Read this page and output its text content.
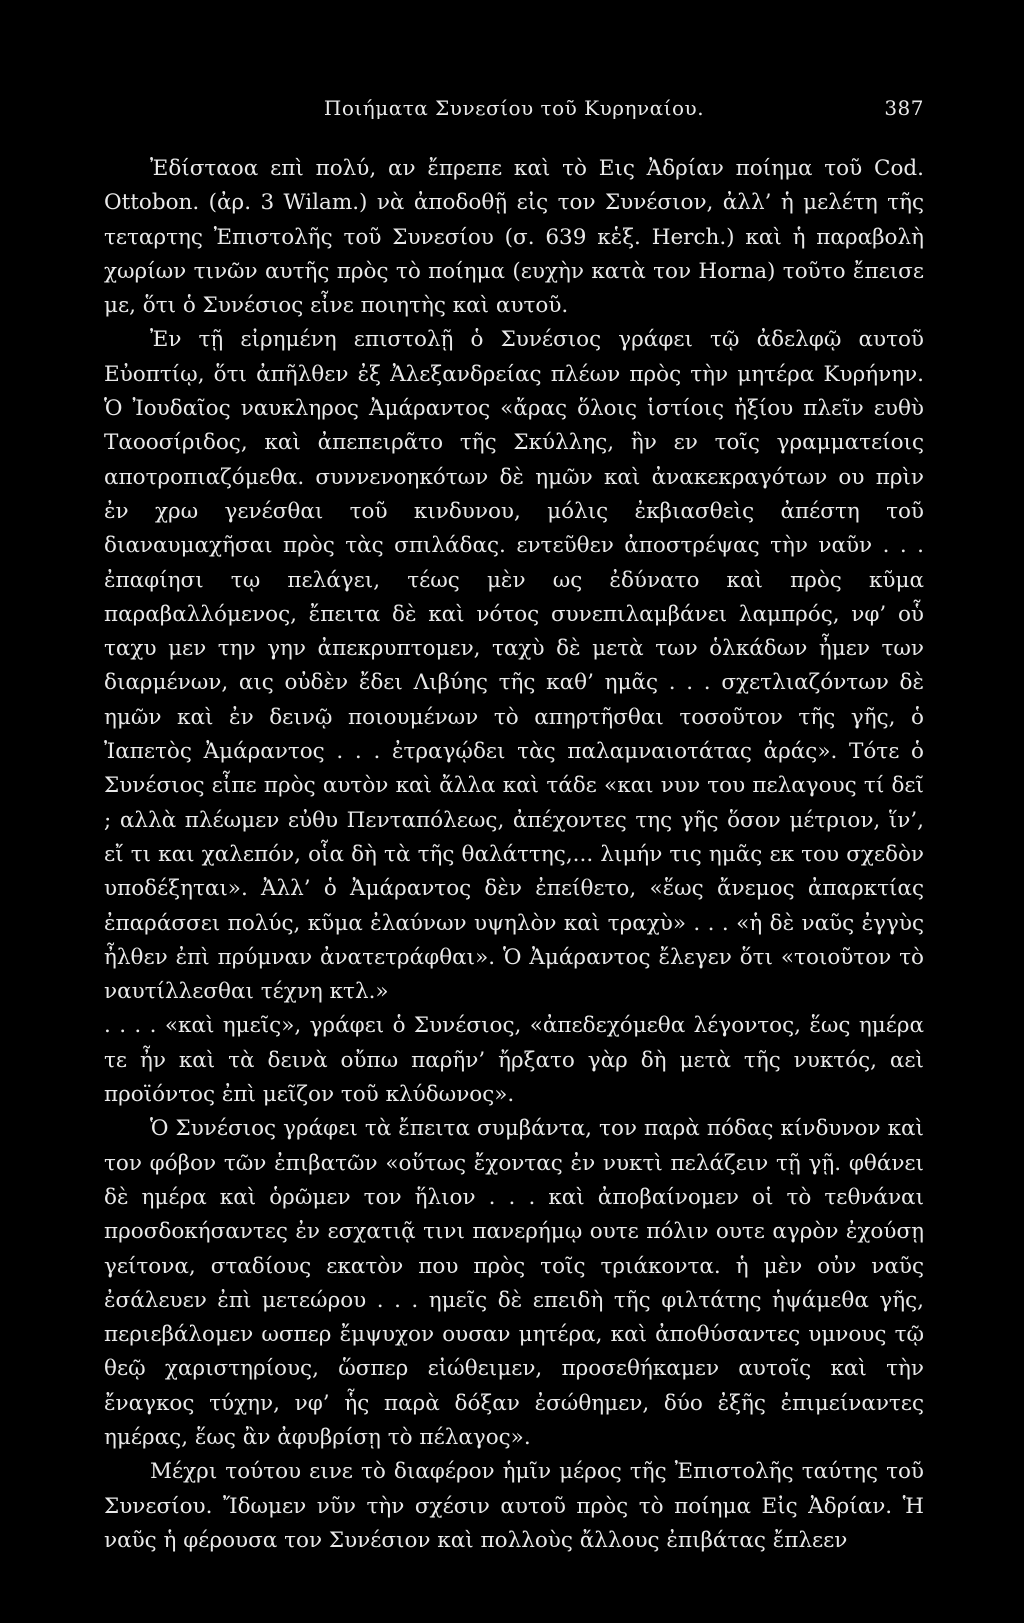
Ποιήματα Συνεσίου τοῦ Κυρηναίου.	387

Ἐδίσταοα επὶ πολύ, αν ἔπρεπε καὶ τὸ Εις Ἀδρίαν ποίημα τοῦ Cod. Ottobon. (ἀρ. 3 Wilam.) νὰ ἀποδοθῇ εἰς τον Συνέσιον, ἀλλ’ ἡ μελέτη τῆς τεταρτης Ἐπιστολῆς τοῦ Συνεσίου (σ. 639 κἑξ. Herch.) καὶ ἡ παραβολὴ χωρίων τινῶν αυτῆς πρὸς τὸ ποίημα (ευχὴν κατὰ τον Horna) τοῦτο ἔπεισε με, ὅτι ὁ Συνέσιος εἶνε ποιητὴς καὶ αυτοῦ.

Ἐν τῇ εἰρημένη επιστολῇ ὁ Συνέσιος γράφει τῷ ἀδελφῷ αυτοῦ Εὐοπτίῳ, ὅτι ἀπῆλθεν ἐξ Ἀλεξανδρείας πλέων πρὸς τὴν μητέρα Κυρήνην. Ὁ Ἰουδαῖος ναυκληρος Ἀμάραντος «ἄρας ὅλοις ἱστίοις ἠξίου πλεῖν ευθὺ Ταοοσίριδος, καὶ ἀπεπειρᾶτο τῆς Σκύλλης, ἣν εν τοῖς γραμματείοις αποτροπιαζόμεθα. συννενοηκότων δὲ ημῶν καὶ ἀνακεκραγότων ου πρὶν ἐν χρω γενέσθαι τοῦ κινδυνου, μόλις ἐκβιασθεὶς ἀπέστη τοῦ διαναυμαχῆσαι πρὸς τὰς σπιλάδας. εντεῦθεν ἀποστρέψας τὴν ναῦν . . . ἐπαφίησι τῳ πελάγει, τέως μὲν ως ἐδύνατο καὶ πρὸς κῦμα παραβαλλόμενος, ἔπειτα δὲ καὶ νότος συνεπιλαμβάνει λαμπρός, νφ’ οὗ ταχυ μεν την γην ἀπεκρυπτομεν, ταχὺ δὲ μετὰ των ὁλκάδων ἦμεν των διαρμένων, αις οὐδὲν ἔδει Λιβύης τῆς καθ’ ημᾶς . . . σχετλιαζόντων δὲ ημῶν καὶ ἐν δεινῷ ποιουμένων τὸ απηρτῆσθαι τοσοῦτον τῆς γῆς, ὁ Ἰαπετὸς Ἀμάραντος . . . ἐτραγῴδει τὰς παλαμναιοτάτας ἀράς». Τότε ὁ Συνέσιος εἶπε πρὸς αυτὸν καὶ ἄλλα καὶ τάδε «και νυν του πελαγους τί δεῖ ; αλλὰ πλέωμεν εὐθυ Πενταπόλεως, ἀπέχοντες της γῆς ὅσον μέτριον, ἵν’, εἴ τι και χαλεπόν, οἷα δὴ τὰ τῆς θαλάττης,... λιμήν τις ημᾶς εκ του σχεδὸν υποδέξηται». Ἀλλ’ ὁ Ἀμάραντος δὲν ἐπείθετο, «ἕως ἄνεμος ἀπαρκτίας ἐπαράσσει πολύς, κῦμα ἐλαύνων υψηλὸν καὶ τραχὺ» . . . «ἡ δὲ ναῦς ἐγγὺς ἦλθεν ἐπὶ πρύμναν ἀνατετράφθαι». Ὁ Ἀμάραντος ἔλεγεν ὅτι «τοιοῦτον τὸ ναυτίλλεσθαι τέχνη κτλ.»

. . . . «καὶ ημεῖς», γράφει ὁ Συνέσιος, «ἀπεδεχόμεθα λέγοντος, ἕως ημέρα τε ἦν καὶ τὰ δεινὰ οὔπω παρῆν’ ἤρξατο γὰρ δὴ μετὰ τῆς νυκτός, αεὶ προϊόντος ἐπὶ μεῖζον τοῦ κλύδωνος».

Ὁ Συνέσιος γράφει τὰ ἔπειτα συμβάντα, τον παρὰ πόδας κίνδυνον καὶ τον φόβον τῶν ἐπιβατῶν «οὕτως ἔχοντας ἐν νυκτὶ πελάζειν τῇ γῇ. φθάνει δὲ ημέρα καὶ ὁρῶμεν τον ἥλιον . . . καὶ ἀποβαίνομεν οἱ τὸ τεθνάναι προσδοκήσαντες ἐν εσχατιᾷ τινι πανερήμῳ ουτε πόλιν ουτε αγρὸν ἐχούσῃ γείτονα, σταδίους εκατὸν που πρὸς τοῖς τριάκοντα. ἡ μὲν οὐν ναῦς ἐσάλευεν ἐπὶ μετεώρου . . . ημεῖς δὲ επειδὴ τῆς φιλτάτης ἡψάμεθα γῆς, περιεβάλομεν ωσπερ ἔμψυχον ουσαν μητέρα, καὶ ἀποθύσαντες υμνους τῷ θεῷ χαριστηρίους, ὥσπερ εἰώθειμεν, προσεθήκαμεν αυτοῖς καὶ τὴν ἔναγκος τύχην, νφ’ ἧς παρὰ δόξαν ἐσώθημεν, δύο ἐξῆς ἐπιμείναντες ημέρας, ἕως ἂν ἀφυβρίσῃ τὸ πέλαγος».

Μέχρι τούτου εινε τὸ διαφέρον ἡμῖν μέρος τῆς Ἐπιστολῆς ταύτης τοῦ Συνεσίου. Ἴδωμεν νῦν τὴν σχέσιν αυτοῦ πρὸς τὸ ποίημα Εἰς Ἀδρίαν. Ἡ ναῦς ἡ φέρουσα τον Συνέσιον καὶ πολλοὺς ἄλλους ἐπιβάτας ἔπλεεν
